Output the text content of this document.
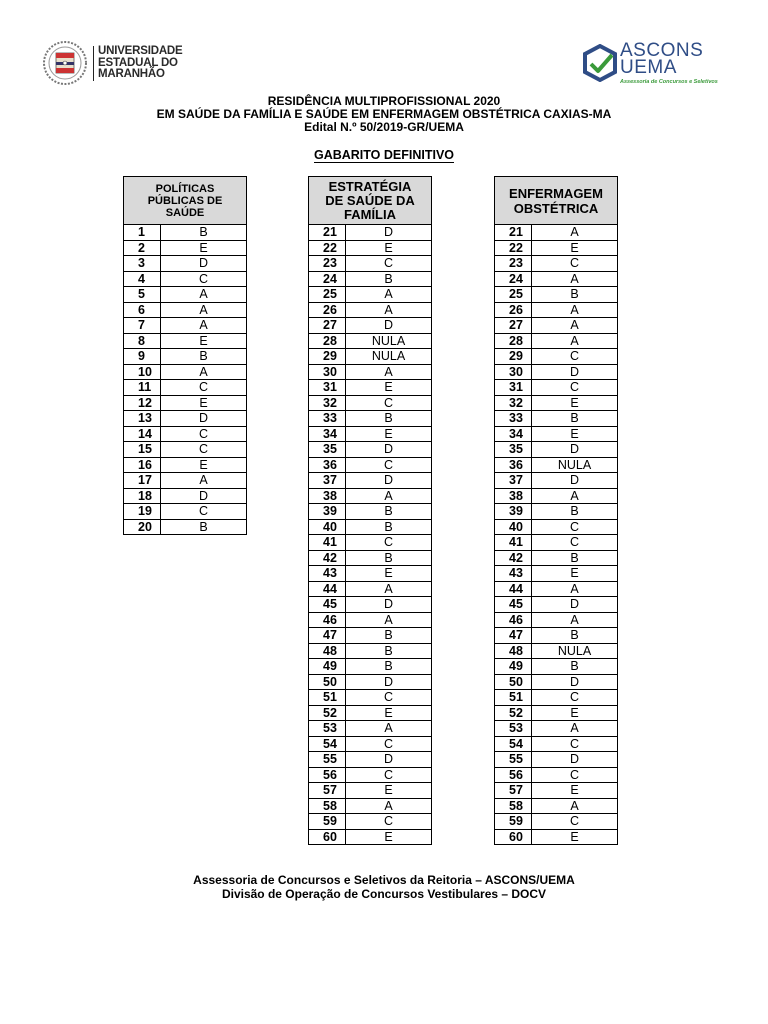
UNIVERSIDADE
ESTADUAL DO
MARANHÃO
ASCONS
UEMA
Assessoria de Concursos e Seletivos
RESIDÊNCIA MULTIPROFISSIONAL 2020
EM SAÚDE DA FAMÍLIA E SAÚDE EM ENFERMAGEM OBSTÉTRICA CAXIAS-MA
Edital N.º 50/2019-GR/UEMA
GABARITO DEFINITIVO
POLÍTICAS
PÚBLICAS DE
SAÚDE	

1	B
2	E
3	D
4	C
5	A
6	A
7	A
8	E
9	B
10	A
11	C
12	E
13	D
14	C
15	C
16	E
17	A
18	D
19	C
20	B
ESTRATÉGIA
DE SAÚDE DA
FAMÍLIA	

21	D
22	E
23	C
24	B
25	A
26	A
27	D
28	NULA
29	NULA
30	A
31	E
32	C
33	B
34	E
35	D
36	C
37	D
38	A
39	B
40	B
41	C
42	B
43	E
44	A
45	D
46	A
47	B
48	B
49	B
50	D
51	C
52	E
53	A
54	C
55	D
56	C
57	E
58	A
59	C
60	E
ENFERMAGEM
OBSTÉTRICA	

21	A
22	E
23	C
24	A
25	B
26	A
27	A
28	A
29	C
30	D
31	C
32	E
33	B
34	E
35	D
36	NULA
37	D
38	A
39	B
40	C
41	C
42	B
43	E
44	A
45	D
46	A
47	B
48	NULA
49	B
50	D
51	C
52	E
53	A
54	C
55	D
56	C
57	E
58	A
59	C
60	E
Assessoria de Concursos e Seletivos da Reitoria – ASCONS/UEMA
Divisão de Operação de Concursos Vestibulares – DOCV
